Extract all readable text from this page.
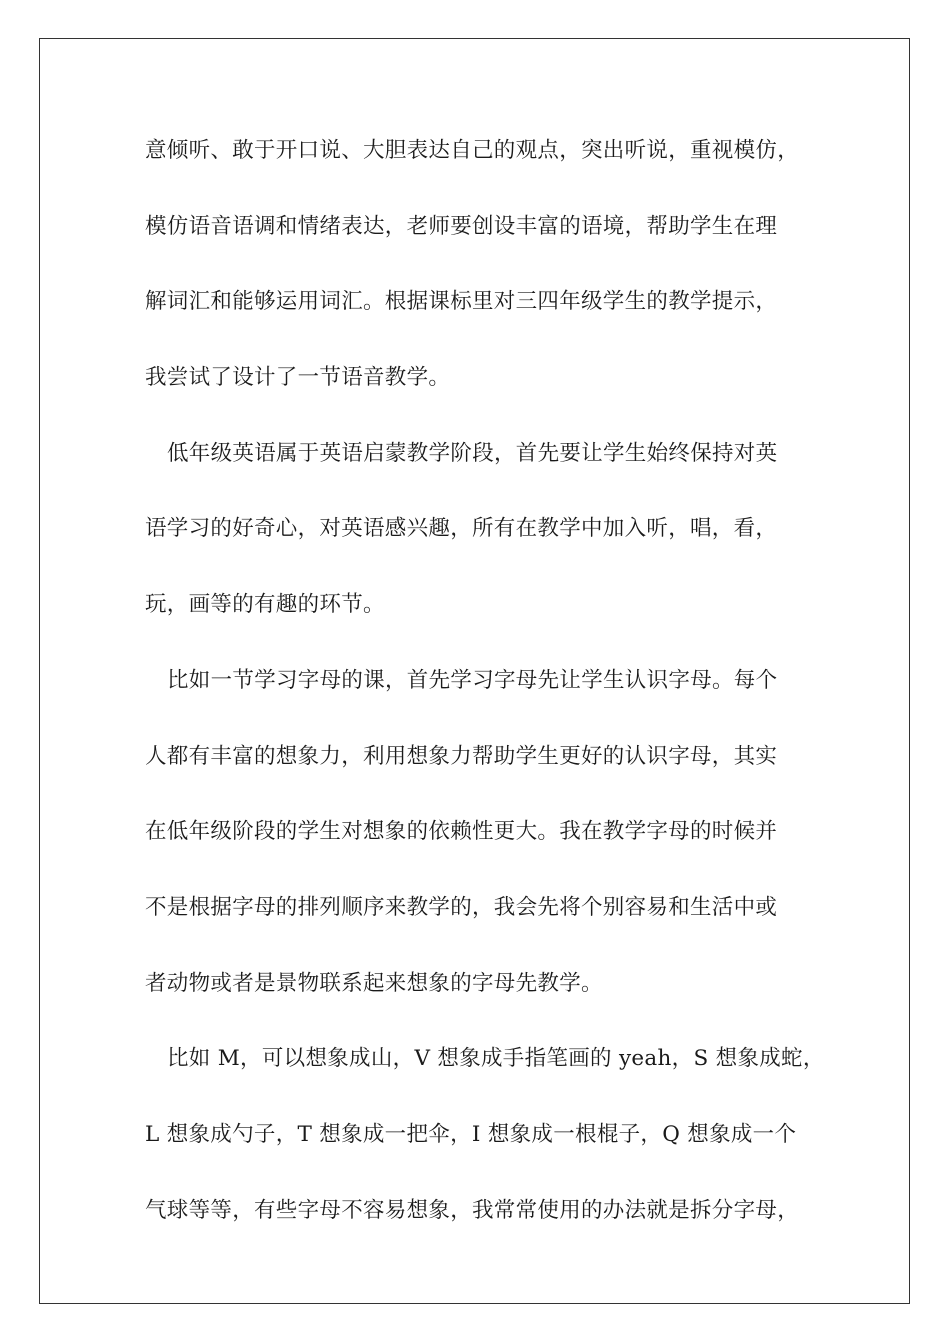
意倾听、敢于开口说、大胆表达自己的观点，突出听说，重视模仿，
模仿语音语调和情绪表达，老师要创设丰富的语境，帮助学生在理
解词汇和能够运用词汇。根据课标里对三四年级学生的教学提示，
我尝试了设计了一节语音教学。
低年级英语属于英语启蒙教学阶段，首先要让学生始终保持对英
语学习的好奇心，对英语感兴趣，所有在教学中加入听，唱，看，
玩，画等的有趣的环节。
比如一节学习字母的课，首先学习字母先让学生认识字母。每个
人都有丰富的想象力，利用想象力帮助学生更好的认识字母，其实
在低年级阶段的学生对想象的依赖性更大。我在教学字母的时候并
不是根据字母的排列顺序来教学的，我会先将个别容易和生活中或
者动物或者是景物联系起来想象的字母先教学。
比如 M，可以想象成山，V 想象成手指笔画的 yeah，S 想象成蛇，
L 想象成勺子，T 想象成一把伞，I 想象成一根棍子，Q 想象成一个
气球等等，有些字母不容易想象，我常常使用的办法就是拆分字母，
